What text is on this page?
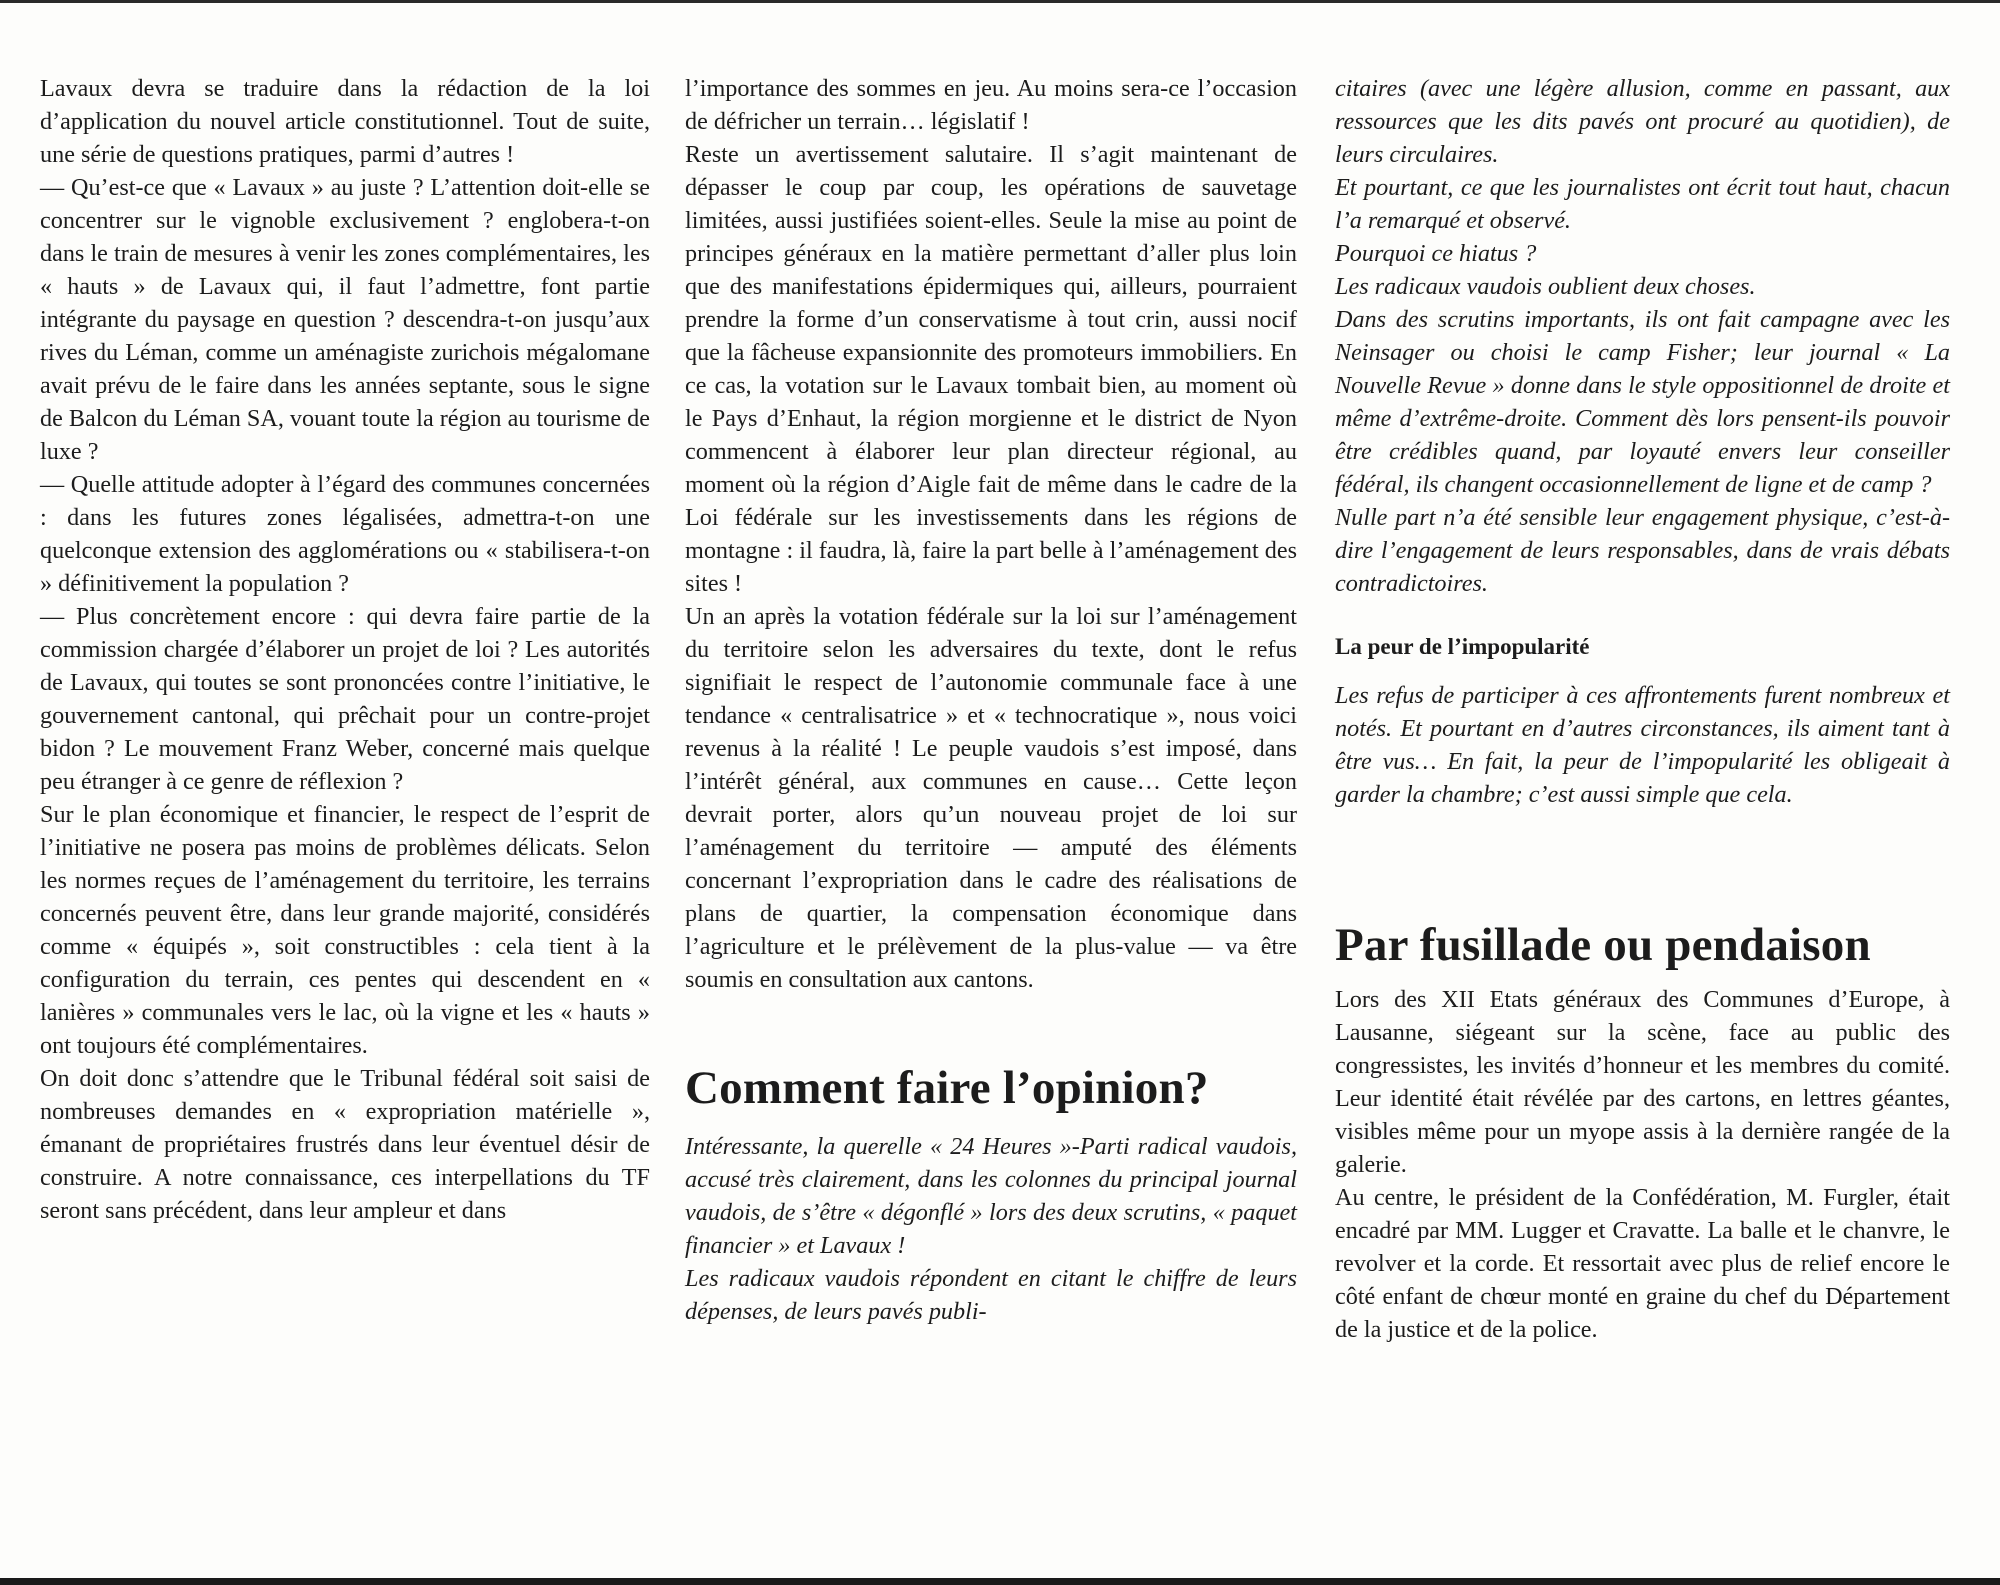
Lavaux devra se traduire dans la rédaction de la loi d’application du nouvel article constitutionnel. Tout de suite, une série de questions pratiques, parmi d’autres !

— Qu’est-ce que « Lavaux » au juste ? L’attention doit-elle se concentrer sur le vignoble exclusivement ? englobera-t-on dans le train de mesures à venir les zones complémentaires, les « hauts » de Lavaux qui, il faut l’admettre, font partie intégrante du paysage en question ? descendra-t-on jusqu’aux rives du Léman, comme un aménagiste zurichois mégalomane avait prévu de le faire dans les années septante, sous le signe de Balcon du Léman SA, vouant toute la région au tourisme de luxe ?

— Quelle attitude adopter à l’égard des communes concernées : dans les futures zones légalisées, admettra-t-on une quelconque extension des agglomérations ou « stabilisera-t-on » définitivement la population ?

— Plus concrètement encore : qui devra faire partie de la commission chargée d’élaborer un projet de loi ? Les autorités de Lavaux, qui toutes se sont prononcées contre l’initiative, le gouvernement cantonal, qui prêchait pour un contre-projet bidon ? Le mouvement Franz Weber, concerné mais quelque peu étranger à ce genre de réflexion ?

Sur le plan économique et financier, le respect de l’esprit de l’initiative ne posera pas moins de problèmes délicats. Selon les normes reçues de l’aménagement du territoire, les terrains concernés peuvent être, dans leur grande majorité, considérés comme « équipés », soit constructibles : cela tient à la configuration du terrain, ces pentes qui descendent en « lanières » communales vers le lac, où la vigne et les « hauts » ont toujours été complémentaires.

On doit donc s’attendre que le Tribunal fédéral soit saisi de nombreuses demandes en « expropriation matérielle », émanant de propriétaires frustrés dans leur éventuel désir de construire. A notre connaissance, ces interpellations du TF seront sans précédent, dans leur ampleur et dans

l’importance des sommes en jeu. Au moins sera-ce l’occasion de défricher un terrain… législatif !

Reste un avertissement salutaire. Il s’agit maintenant de dépasser le coup par coup, les opérations de sauvetage limitées, aussi justifiées soient-elles. Seule la mise au point de principes généraux en la matière permettant d’aller plus loin que des manifestations épidermiques qui, ailleurs, pourraient prendre la forme d’un conservatisme à tout crin, aussi nocif que la fâcheuse expansionnite des promoteurs immobiliers. En ce cas, la votation sur le Lavaux tombait bien, au moment où le Pays d’Enhaut, la région morgienne et le district de Nyon commencent à élaborer leur plan directeur régional, au moment où la région d’Aigle fait de même dans le cadre de la Loi fédérale sur les investissements dans les régions de montagne : il faudra, là, faire la part belle à l’aménagement des sites !

Un an après la votation fédérale sur la loi sur l’aménagement du territoire selon les adversaires du texte, dont le refus signifiait le respect de l’autonomie communale face à une tendance « centralisatrice » et « technocratique », nous voici revenus à la réalité ! Le peuple vaudois s’est imposé, dans l’intérêt général, aux communes en cause… Cette leçon devrait porter, alors qu’un nouveau projet de loi sur l’aménagement du territoire — amputé des éléments concernant l’expropriation dans le cadre des réalisations de plans de quartier, la compensation économique dans l’agriculture et le prélèvement de la plus-value — va être soumis en consultation aux cantons.

Comment faire l’opinion?

Intéressante, la querelle « 24 Heures »-Parti radical vaudois, accusé très clairement, dans les colonnes du principal journal vaudois, de s’être « dégonflé » lors des deux scrutins, « paquet financier » et Lavaux !

Les radicaux vaudois répondent en citant le chiffre de leurs dépenses, de leurs pavés publi-

citaires (avec une légère allusion, comme en passant, aux ressources que les dits pavés ont procuré au quotidien), de leurs circulaires.

Et pourtant, ce que les journalistes ont écrit tout haut, chacun l’a remarqué et observé.

Pourquoi ce hiatus ?

Les radicaux vaudois oublient deux choses.

Dans des scrutins importants, ils ont fait campagne avec les Neinsager ou choisi le camp Fisher; leur journal « La Nouvelle Revue » donne dans le style oppositionnel de droite et même d’extrême-droite. Comment dès lors pensent-ils pouvoir être crédibles quand, par loyauté envers leur conseiller fédéral, ils changent occasionnellement de ligne et de camp ?

Nulle part n’a été sensible leur engagement physique, c’est-à-dire l’engagement de leurs responsables, dans de vrais débats contradictoires.

La peur de l’impopularité

Les refus de participer à ces affrontements furent nombreux et notés. Et pourtant en d’autres circonstances, ils aiment tant à être vus… En fait, la peur de l’impopularité les obligeait à garder la chambre; c’est aussi simple que cela.

Par fusillade ou pendaison

Lors des XII Etats généraux des Communes d’Europe, à Lausanne, siégeant sur la scène, face au public des congressistes, les invités d’honneur et les membres du comité. Leur identité était révélée par des cartons, en lettres géantes, visibles même pour un myope assis à la dernière rangée de la galerie.

Au centre, le président de la Confédération, M. Furgler, était encadré par MM. Lugger et Cravatte. La balle et le chanvre, le revolver et la corde. Et ressortait avec plus de relief encore le côté enfant de chœur monté en graine du chef du Département de la justice et de la police.
